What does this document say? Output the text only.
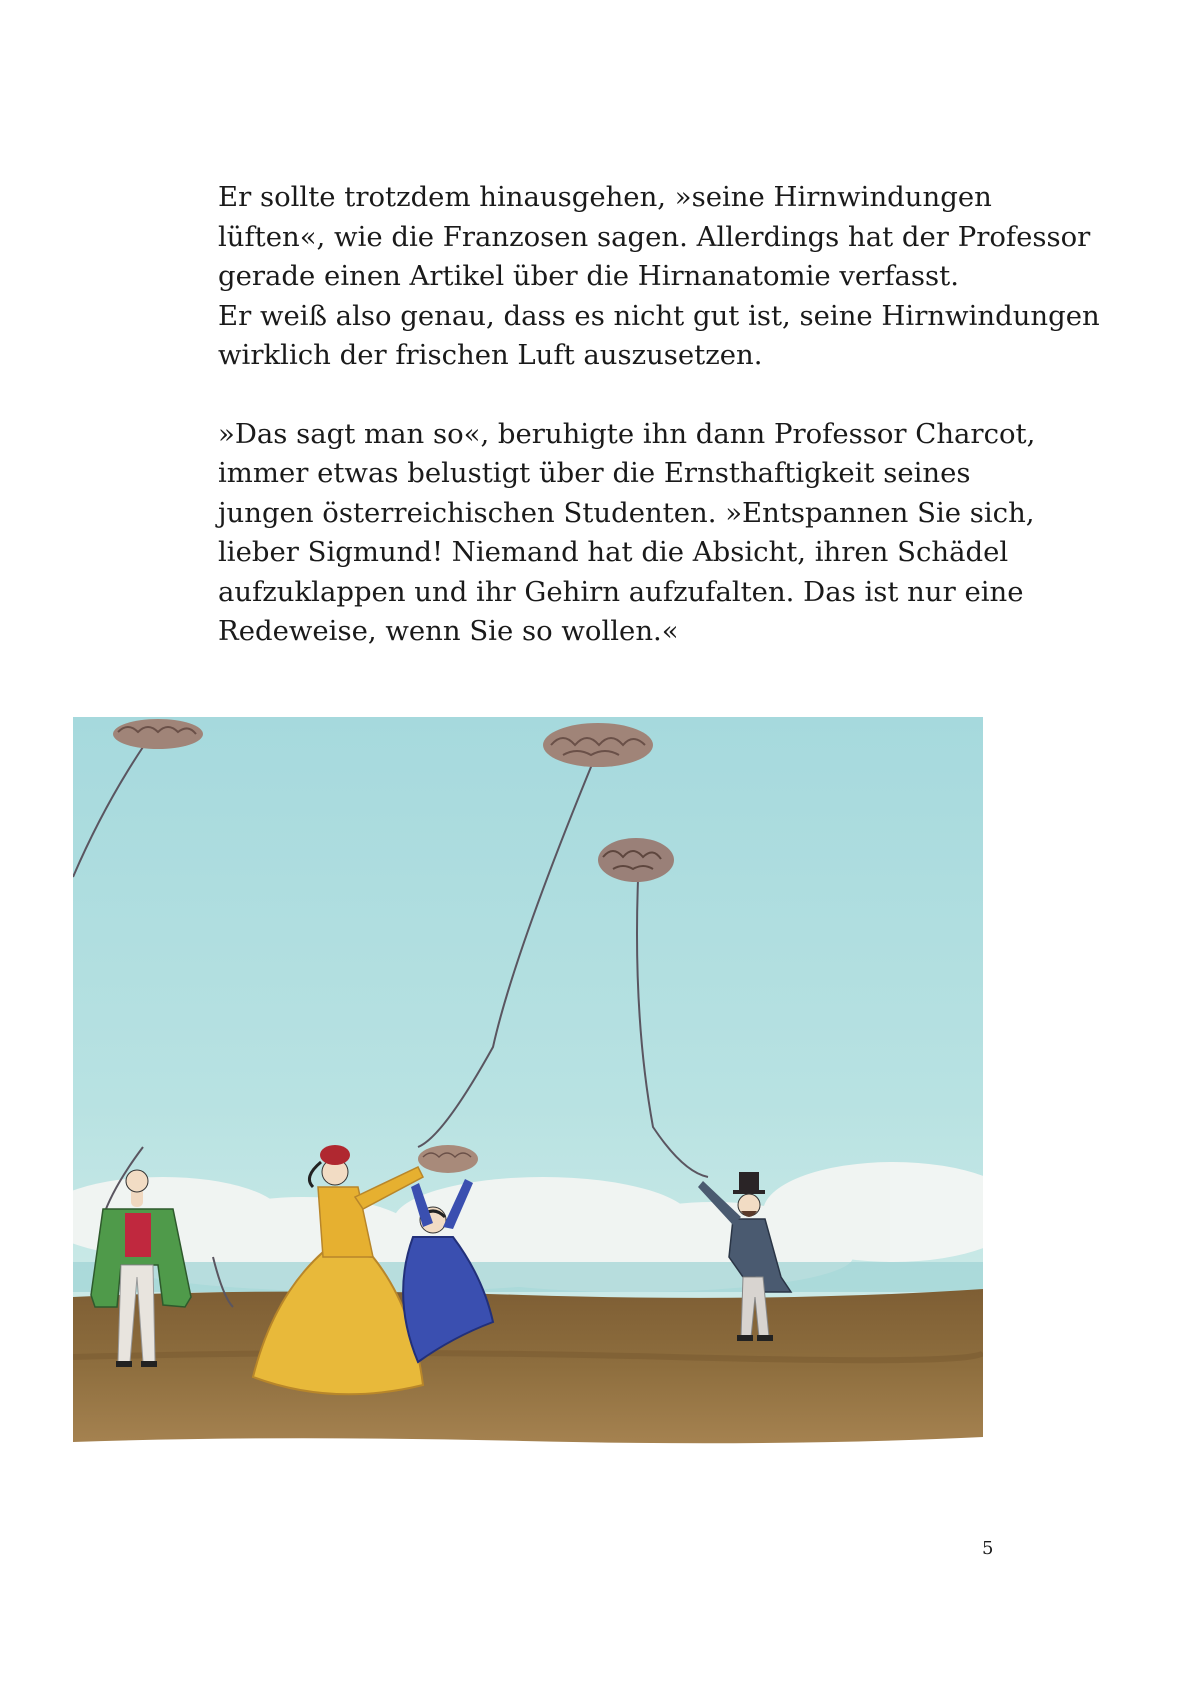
Er sollte trotzdem hinausgehen, »seine Hirnwindungen
lüften«, wie die Franzosen sagen. Allerdings hat der Professor
gerade einen Artikel über die Hirnanatomie verfasst.
Er weiß also genau, dass es nicht gut ist, seine Hirnwindungen
wirklich der frischen Luft auszusetzen.

»Das sagt man so«, beruhigte ihn dann Professor Charcot,
immer etwas belustigt über die Ernsthaftigkeit seines
jungen österreichischen Studenten. »Entspannen Sie sich,
lieber Sigmund! Niemand hat die Absicht, ihren Schädel
aufzuklappen und ihr Gehirn aufzufalten. Das ist nur eine
Redeweise, wenn Sie so wollen.«

5
